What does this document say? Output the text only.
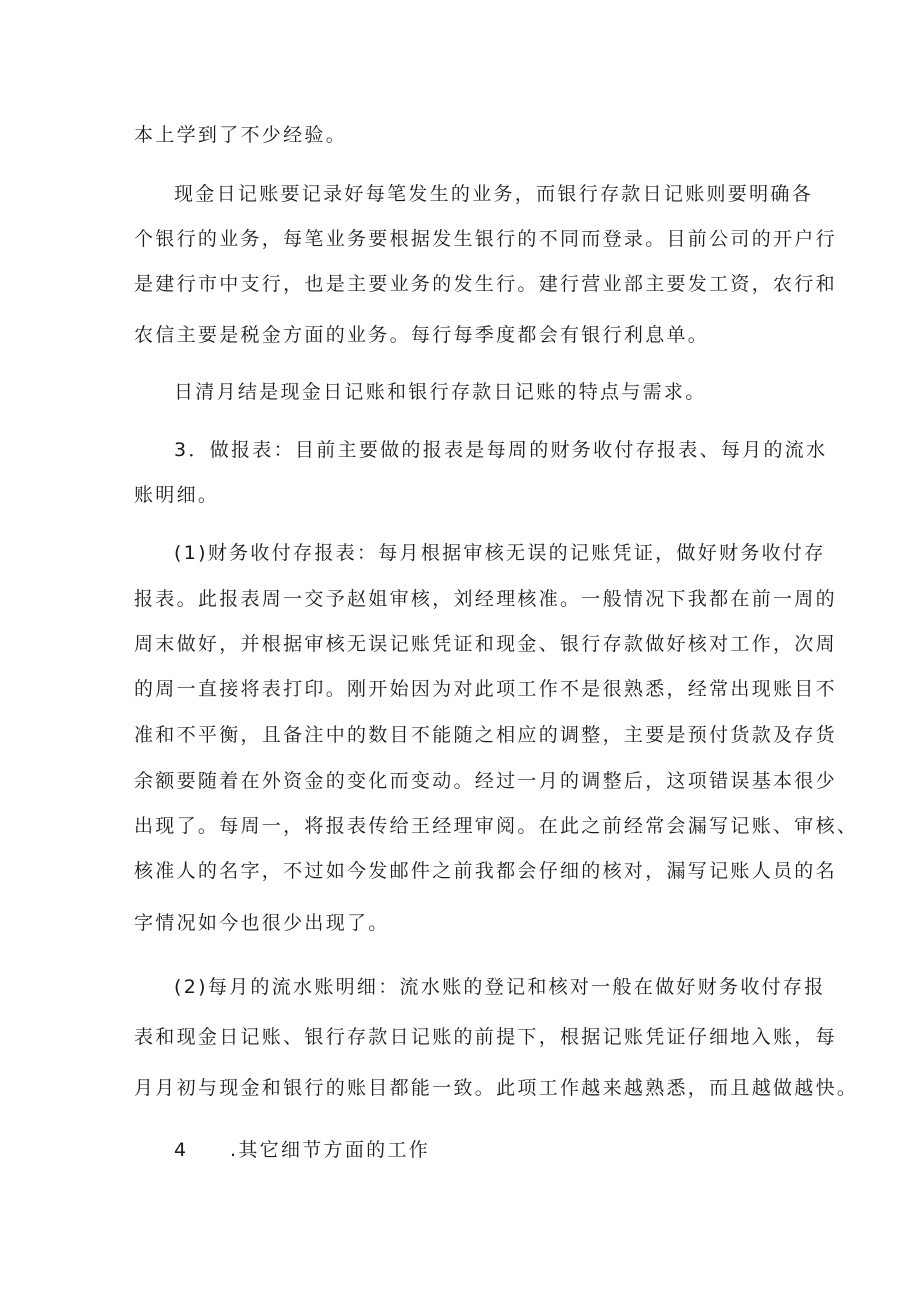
本上学到了不少经验。
现金日记账要记录好每笔发生的业务，而银行存款日记账则要明确各
个银行的业务，每笔业务要根据发生银行的不同而登录。目前公司的开户行
是建行市中支行，也是主要业务的发生行。建行营业部主要发工资，农行和
农信主要是税金方面的业务。每行每季度都会有银行利息单。
日清月结是现金日记账和银行存款日记账的特点与需求。
3．做报表：目前主要做的报表是每周的财务收付存报表、每月的流水
账明细。
(1)财务收付存报表：每月根据审核无误的记账凭证，做好财务收付存
报表。此报表周一交予赵姐审核，刘经理核准。一般情况下我都在前一周的
周末做好，并根据审核无误记账凭证和现金、银行存款做好核对工作，次周
的周一直接将表打印。刚开始因为对此项工作不是很熟悉，经常出现账目不
准和不平衡，且备注中的数目不能随之相应的调整，主要是预付货款及存货
余额要随着在外资金的变化而变动。经过一月的调整后，这项错误基本很少
出现了。每周一，将报表传给王经理审阅。在此之前经常会漏写记账、审核、
核准人的名字，不过如今发邮件之前我都会仔细的核对，漏写记账人员的名
字情况如今也很少出现了。
(2)每月的流水账明细：流水账的登记和核对一般在做好财务收付存报
表和现金日记账、银行存款日记账的前提下，根据记账凭证仔细地入账，每
月月初与现金和银行的账目都能一致。此项工作越来越熟悉，而且越做越快。
4 .其它细节方面的工作
